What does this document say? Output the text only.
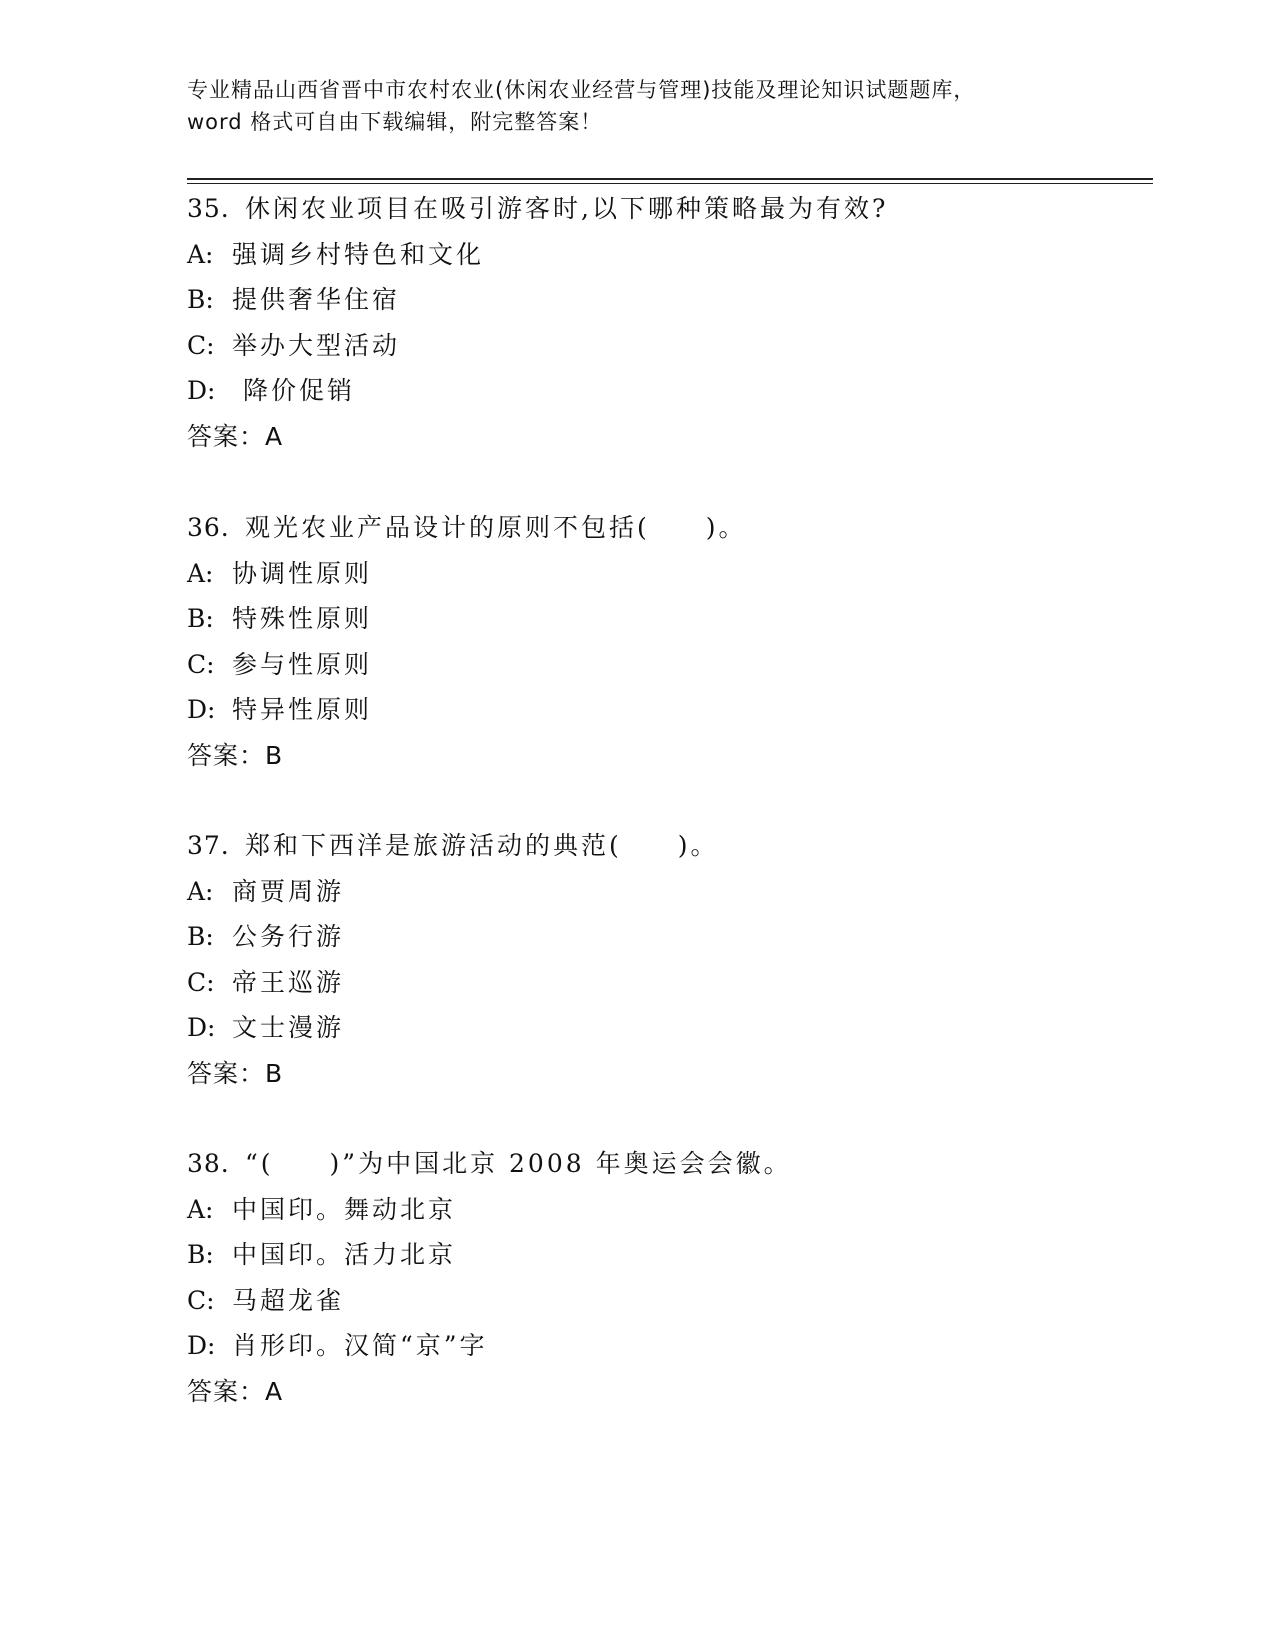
专业精品山西省晋中市农村农业(休闲农业经营与管理)技能及理论知识试题题库，
word 格式可自由下载编辑，附完整答案！
35. 休闲农业项目在吸引游客时,以下哪种策略最为有效?
A: 强调乡村特色和文化
B: 提供奢华住宿
C: 举办大型活动
D: 降价促销
答案：A
36. 观光农业产品设计的原则不包括(　　)。
A: 协调性原则
B: 特殊性原则
C: 参与性原则
D: 特异性原则
答案：B
37. 郑和下西洋是旅游活动的典范(　　)。
A: 商贾周游
B: 公务行游
C: 帝王巡游
D: 文士漫游
答案：B
38. “(　　)”为中国北京 2008 年奥运会会徽。
A: 中国印。舞动北京
B: 中国印。活力北京
C: 马超龙雀
D: 肖形印。汉简“京”字
答案：A
